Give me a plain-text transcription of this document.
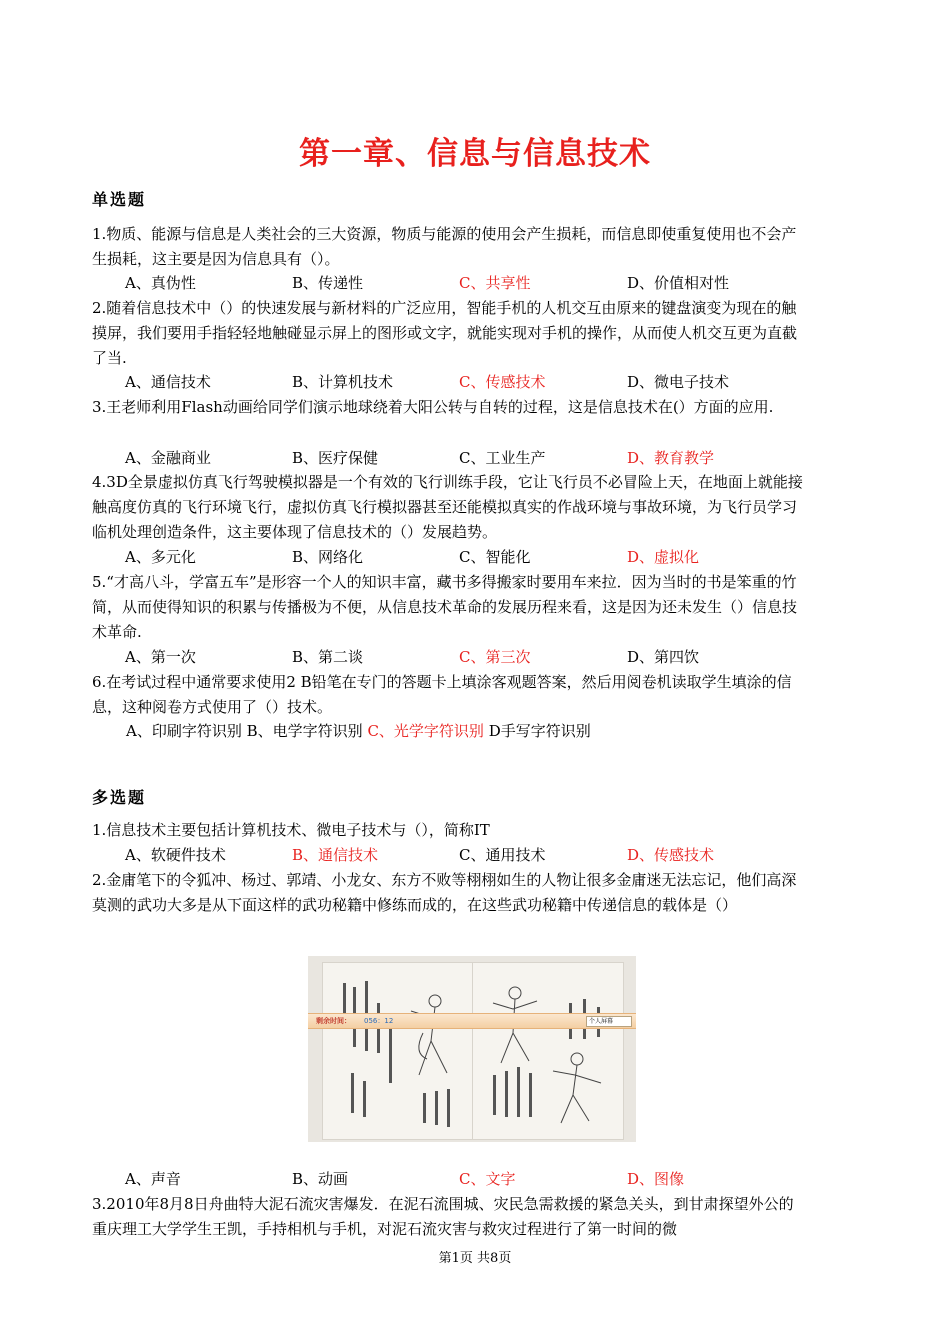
第一章、信息与信息技术
单选题
1.物质、能源与信息是人类社会的三大资源，物质与能源的使用会产生损耗，而信息即使重复使用也不会产生损耗，这主要是因为信息具有（）。
A、真伪性	B、传递性	C、共享性	D、价值相对性
2.随着信息技术中（）的快速发展与新材料的广泛应用，智能手机的人机交互由原来的键盘演变为现在的触摸屏，我们要用手指轻轻地触碰显示屏上的图形或文字，就能实现对手机的操作，从而使人机交互更为直截了当.
A、通信技术	B、计算机技术	C、传感技术	D、微电子技术
3.王老师利用Flash动画给同学们演示地球绕着大阳公转与自转的过程，这是信息技术在(）方面的应用.
A、金融商业	B、医疗保健	C、工业生产	D、教育教学
4.3D全景虚拟仿真飞行驾驶模拟器是一个有效的飞行训练手段，它让飞行员不必冒险上天，在地面上就能接触高度仿真的飞行环境飞行，虚拟仿真飞行模拟器甚至还能模拟真实的作战环境与事故环境，为飞行员学习临机处理创造条件，这主要体现了信息技术的（）发展趋势。
A、多元化	B、网络化	C、智能化	D、虚拟化
5.“才高八斗，学富五车”是形容一个人的知识丰富，藏书多得搬家时要用车来拉．因为当时的书是笨重的竹简，从而使得知识的积累与传播极为不便，从信息技术革命的发展历程来看，这是因为还未发生（）信息技术革命.
A、第一次	B、第二谈	C、第三次	D、第四饮
6.在考试过程中通常要求使用2 B铅笔在专门的答题卡上填涂客观题答案，然后用阅卷机读取学生填涂的信息，这种阅卷方式使用了（）技术。
A、印刷字符识别 B、电学字符识别 C、光学字符识别 D手写字符识别
多选题
1.信息技术主要包括计算机技术、微电子技术与（），简称IT
A、软硬件技术	B、通信技术	C、通用技术	D、传感技术
2.金庸笔下的令狐冲、杨过、郭靖、小龙女、东方不败等栩栩如生的人物让很多金庸迷无法忘记，他们高深莫测的武功大多是从下面这样的武功秘籍中修练而成的，在这些武功秘籍中传递信息的载体是（）
剩余时间： 056：12	个人屏幕
A、声音	B、动画	C、文字	D、图像
3.2010年8月8日舟曲特大泥石流灾害爆发．在泥石流围城、灾民急需救援的紧急关头，到甘肃探望外公的重庆理工大学学生王凯，手持相机与手机，对泥石流灾害与救灾过程进行了第一时间的微
第1页 共8页
